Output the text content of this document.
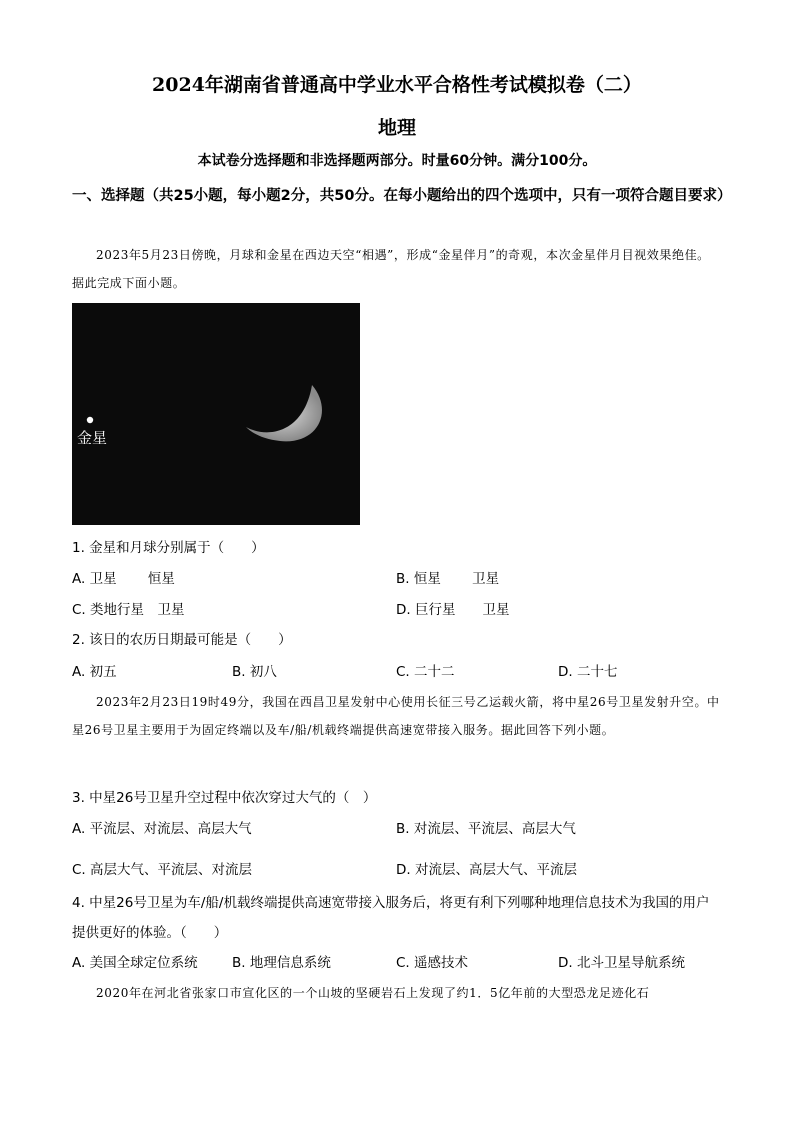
2024年湖南省普通高中学业水平合格性考试模拟卷（二）
地理
本试卷分选择题和非选择题两部分。时量60分钟。满分100分。
一、选择题（共25小题，每小题2分，共50分。在每小题给出的四个选项中，只有一项符合题目要求）
2023年5月23日傍晚，月球和金星在西边天空“相遇”，形成“金星伴月”的奇观，本次金星伴月目视效果绝佳。据此完成下面小题。
金星
1. 金星和月球分别属于（　　）
A. 卫星　　 恒星	B. 恒星　　 卫星
C. 类地行星　卫星	D. 巨行星　　卫星
2. 该日的农历日期最可能是（　　）
A. 初五	B. 初八	C. 二十二	D. 二十七
2023年2月23日19时49分，我国在西昌卫星发射中心使用长征三号乙运载火箭，将中星26号卫星发射升空。中星26号卫星主要用于为固定终端以及车/船/机载终端提供高速宽带接入服务。据此回答下列小题。
3. 中星26号卫星升空过程中依次穿过大气的（　）
A. 平流层、对流层、高层大气	B. 对流层、平流层、高层大气
C. 高层大气、平流层、对流层	D. 对流层、高层大气、平流层
4. 中星26号卫星为车/船/机载终端提供高速宽带接入服务后，将更有利下列哪种地理信息技术为我国的用户提供更好的体验。（　　）
A. 美国全球定位系统	B. 地理信息系统	C. 遥感技术	D. 北斗卫星导航系统
2020年在河北省张家口市宣化区的一个山坡的坚硬岩石上发现了约1．5亿年前的大型恐龙足迹化石
